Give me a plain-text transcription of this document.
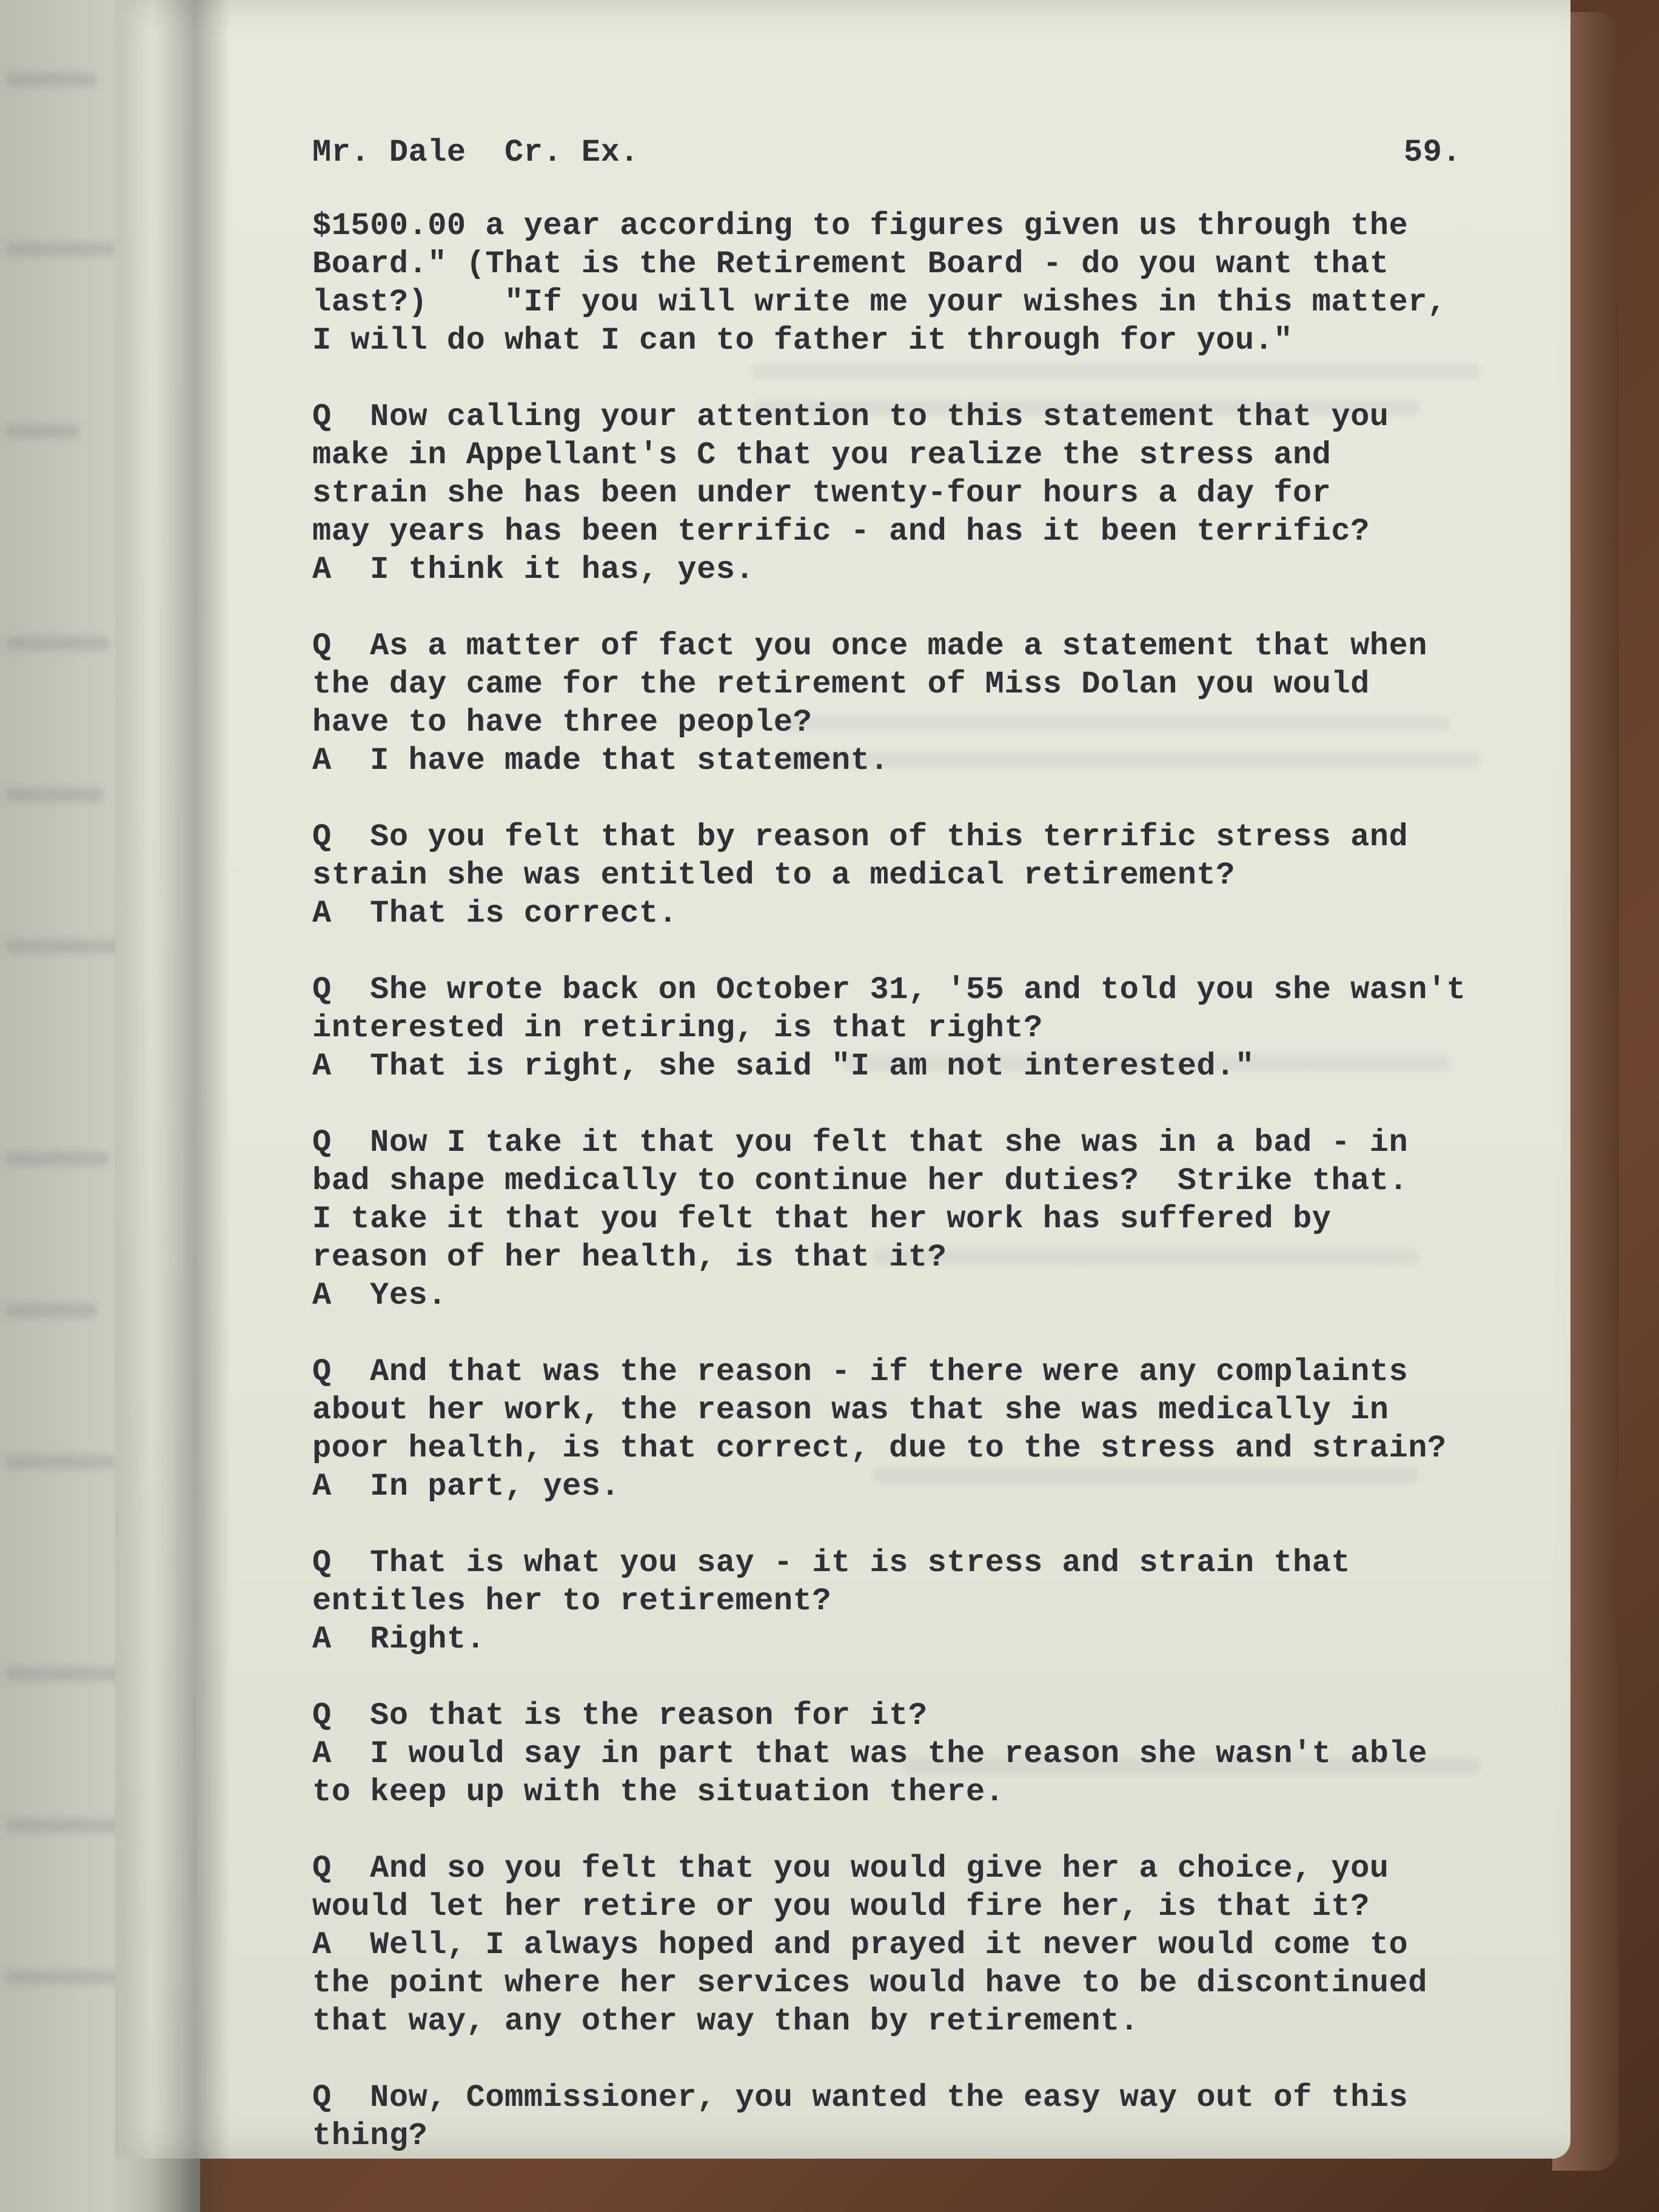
Mr. Dale  Cr. Ex.	59.
$1500.00 a year according to figures given us through the
Board." (That is the Retirement Board - do you want that
last?)    "If you will write me your wishes in this matter,
I will do what I can to father it through for you."
Q  Now calling your attention to this statement that you
make in Appellant's C that you realize the stress and
strain she has been under twenty-four hours a day for
may years has been terrific - and has it been terrific?
A  I think it has, yes.
Q  As a matter of fact you once made a statement that when
the day came for the retirement of Miss Dolan you would
have to have three people?
A  I have made that statement.
Q  So you felt that by reason of this terrific stress and
strain she was entitled to a medical retirement?
A  That is correct.
Q  She wrote back on October 31, '55 and told you she wasn't
interested in retiring, is that right?
A  That is right, she said "I am not interested."
Q  Now I take it that you felt that she was in a bad - in
bad shape medically to continue her duties?  Strike that.
I take it that you felt that her work has suffered by
reason of her health, is that it?
A  Yes.
Q  And that was the reason - if there were any complaints
about her work, the reason was that she was medically in
poor health, is that correct, due to the stress and strain?
A  In part, yes.
Q  That is what you say - it is stress and strain that
entitles her to retirement?
A  Right.
Q  So that is the reason for it?
A  I would say in part that was the reason she wasn't able
to keep up with the situation there.
Q  And so you felt that you would give her a choice, you
would let her retire or you would fire her, is that it?
A  Well, I always hoped and prayed it never would come to
the point where her services would have to be discontinued
that way, any other way than by retirement.
Q  Now, Commissioner, you wanted the easy way out of this
thing?
